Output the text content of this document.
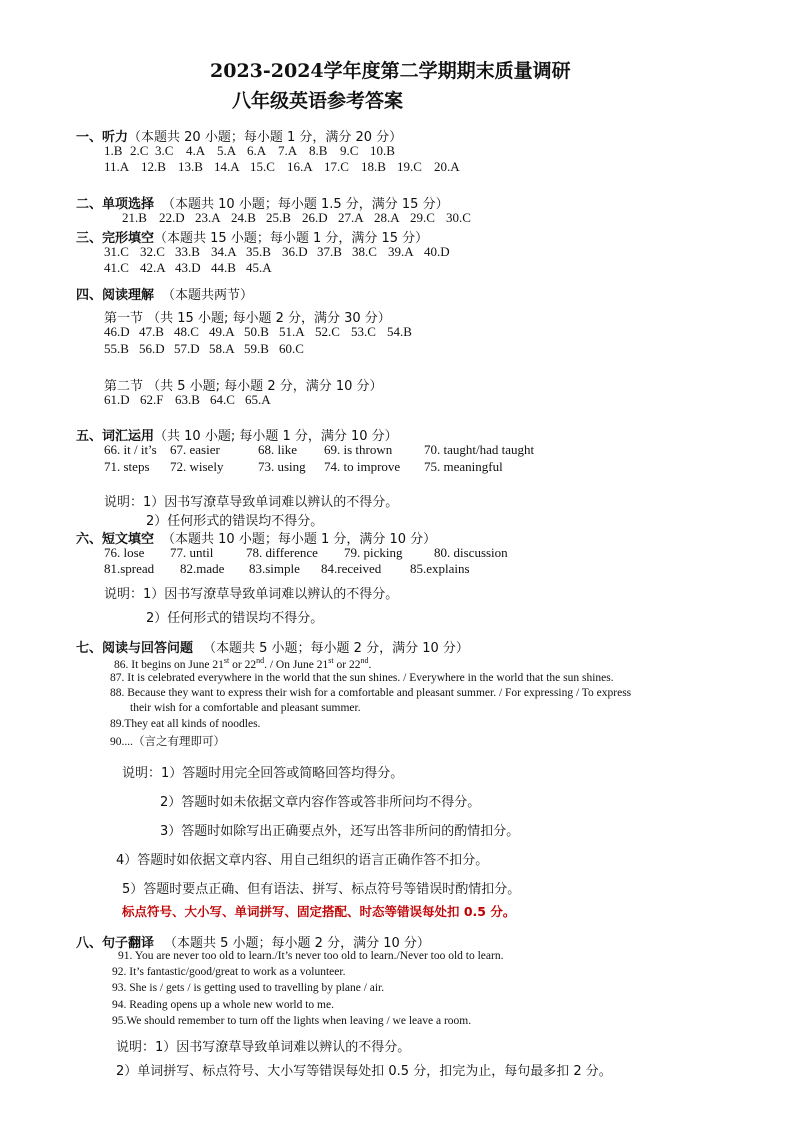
2023-2024学年度第二学期期末质量调研
八年级英语参考答案
一、听力（本题共 20 小题；每小题 1 分，满分 20 分）
1.B 2.C 3.C 4.A 5.A 6.A 7.A 8.B 9.C 10.B
11.A 12.B 13.B 14.A 15.C 16.A 17.C 18.B 19.C 20.A
二、单项选择 （本题共 10 小题；每小题 1.5 分，满分 15 分）
21.B 22.D 23.A 24.B 25.B 26.D 27.A 28.A 29.C 30.C
三、完形填空（本题共 15 小题；每小题 1 分，满分 15 分）
31.C 32.C 33.B 34.A 35.B 36.D 37.B 38.C 39.A 40.D
41.C 42.A 43.D 44.B 45.A
四、阅读理解 （本题共两节）
第一节 （共 15 小题; 每小题 2 分，满分 30 分）
46.D 47.B 48.C 49.A 50.B 51.A 52.C 53.C 54.B
55.B 56.D 57.D 58.A 59.B 60.C
第二节 （共 5 小题; 每小题 2 分，满分 10 分）
61.D 62.F 63.B 64.C 65.A
五、词汇运用（共 10 小题; 每小题 1 分，满分 10 分）
66. it / it’s 67. easier	68. like 69. is thrown 70. taught/had taught
71. steps 72. wisely	73. using 74. to improve 75. meaningful
说明：1）因书写潦草导致单词难以辨认的不得分。
2）任何形式的错误均不得分。
六、短文填空 （本题共 10 小题；每小题 1 分，满分 10 分）
76. lose 77. until	78. difference 79. picking 80. discussion
81.spread 82.made 83.simple 84.received 85.explains
说明：1）因书写潦草导致单词难以辨认的不得分。
2）任何形式的错误均不得分。
七、阅读与回答问题 （本题共 5 小题；每小题 2 分，满分 10 分）
86. It begins on June 21st or 22nd. / On June 21st or 22nd.
87. It is celebrated everywhere in the world that the sun shines. / Everywhere in the world that the sun shines.
88. Because they want to express their wish for a comfortable and pleasant summer. / For expressing / To express
their wish for a comfortable and pleasant summer.
89.They eat all kinds of noodles.
90....（言之有理即可）
说明：1）答题时用完全回答或简略回答均得分。
2）答题时如未依据文章内容作答或答非所问均不得分。
3）答题时如除写出正确要点外，还写出答非所问的酌情扣分。
4）答题时如依据文章内容、用自己组织的语言正确作答不扣分。
5）答题时要点正确、但有语法、拼写、标点符号等错误时酌情扣分。
标点符号、大小写、单词拼写、固定搭配、时态等错误每处扣 0.5 分。
八、句子翻译 （本题共 5 小题；每小题 2 分，满分 10 分）
91. You are never too old to learn./It’s never too old to learn./Never too old to learn.
92. It’s fantastic/good/great to work as a volunteer.
93. She is / gets / is getting used to travelling by plane / air.
94. Reading opens up a whole new world to me.
95.We should remember to turn off the lights when leaving / we leave a room.
说明：1）因书写潦草导致单词难以辨认的不得分。
2）单词拼写、标点符号、大小写等错误每处扣 0.5 分，扣完为止，每句最多扣 2 分。
